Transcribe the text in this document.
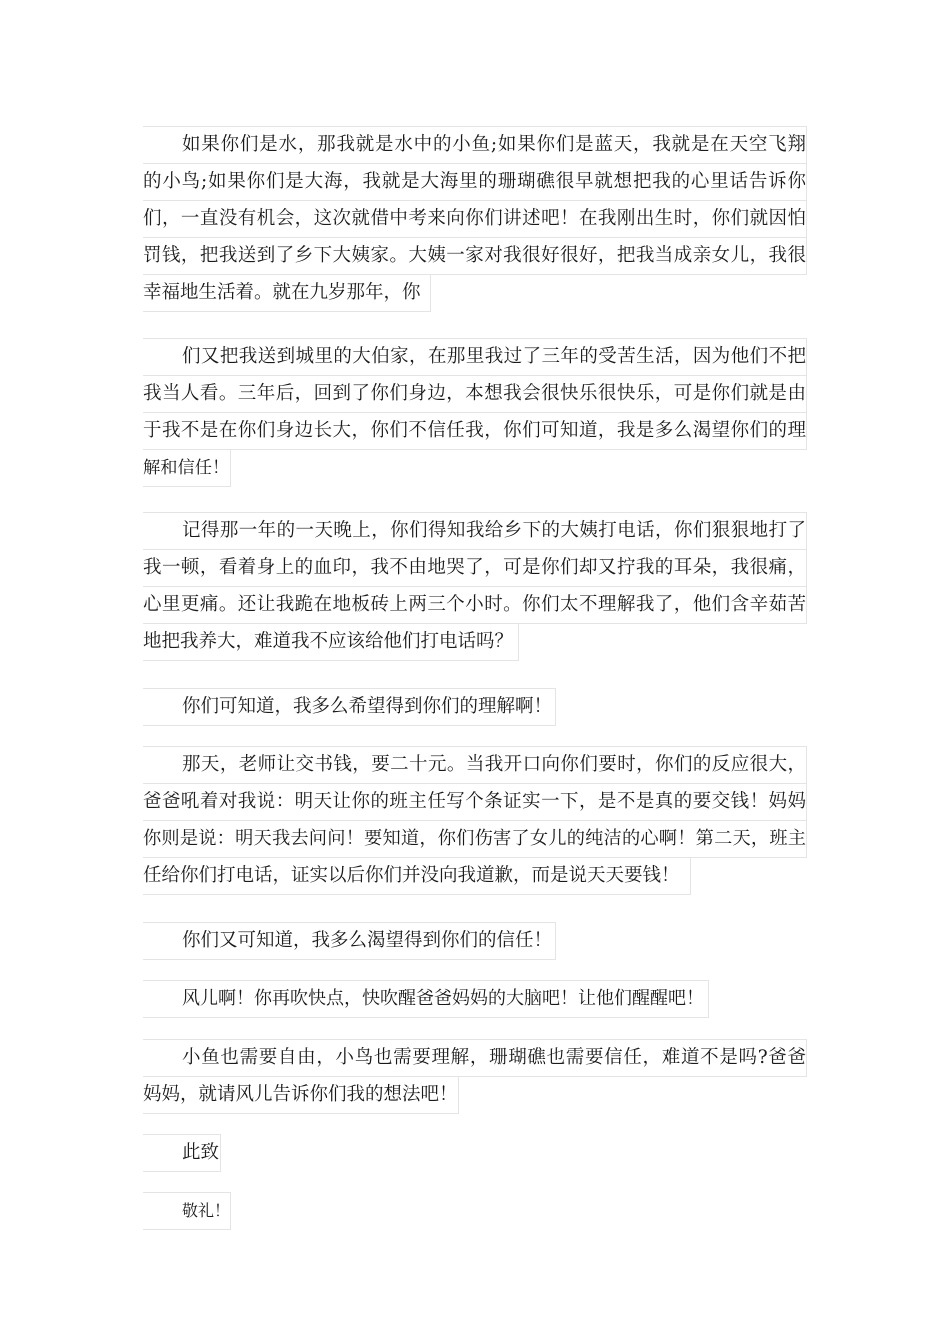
如果你们是水，那我就是水中的小鱼;如果你们是蓝天，我就是在天空飞翔
的小鸟;如果你们是大海，我就是大海里的珊瑚礁很早就想把我的心里话告诉你
们，一直没有机会，这次就借中考来向你们讲述吧！在我刚出生时，你们就因怕
罚钱，把我送到了乡下大姨家。大姨一家对我很好很好，把我当成亲女儿，我很
幸福地生活着。就在九岁那年，你
们又把我送到城里的大伯家，在那里我过了三年的受苦生活，因为他们不把
我当人看。三年后，回到了你们身边，本想我会很快乐很快乐，可是你们就是由
于我不是在你们身边长大，你们不信任我，你们可知道，我是多么渴望你们的理
解和信任！
记得那一年的一天晚上，你们得知我给乡下的大姨打电话，你们狠狠地打了
我一顿，看着身上的血印，我不由地哭了，可是你们却又拧我的耳朵，我很痛，
心里更痛。还让我跪在地板砖上两三个小时。你们太不理解我了，他们含辛茹苦
地把我养大，难道我不应该给他们打电话吗？
你们可知道，我多么希望得到你们的理解啊！
那天，老师让交书钱，要二十元。当我开口向你们要时，你们的反应很大，
爸爸吼着对我说：明天让你的班主任写个条证实一下，是不是真的要交钱！妈妈
你则是说：明天我去问问！要知道，你们伤害了女儿的纯洁的心啊！第二天，班主
任给你们打电话，证实以后你们并没向我道歉，而是说天天要钱！
你们又可知道，我多么渴望得到你们的信任！
风儿啊！你再吹快点，快吹醒爸爸妈妈的大脑吧！让他们醒醒吧！
小鱼也需要自由，小鸟也需要理解，珊瑚礁也需要信任，难道不是吗?爸爸
妈妈，就请风儿告诉你们我的想法吧！
此致
敬礼！
